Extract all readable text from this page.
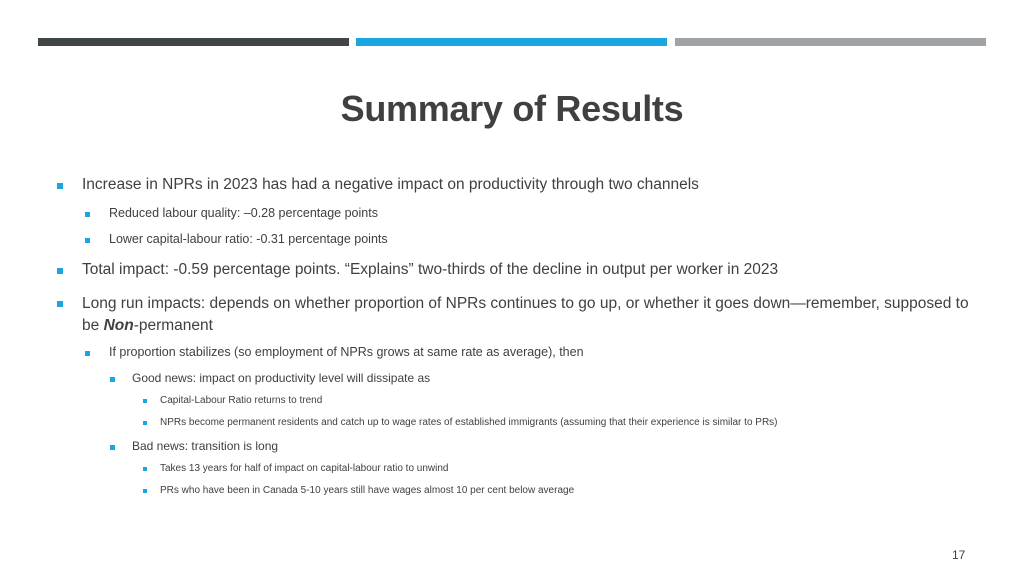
Summary of Results
Increase in NPRs in 2023 has had a negative impact on productivity through two channels
Reduced labour quality: –0.28 percentage points
Lower capital-labour ratio: -0.31 percentage points
Total impact: -0.59 percentage points. “Explains” two-thirds of the decline in output per worker in 2023
Long run impacts: depends on whether proportion of NPRs continues to go up, or whether it goes down—remember, supposed to be Non-permanent
If proportion stabilizes (so employment of NPRs grows at same rate as average), then
Good news: impact on productivity level will dissipate as
Capital-Labour Ratio returns to trend
NPRs become permanent residents and catch up to wage rates of established immigrants (assuming that their experience is similar to PRs)
Bad news: transition is long
Takes 13 years for half of impact on capital-labour ratio to unwind
PRs who have been in Canada 5-10 years still have wages almost 10 per cent below average
17
